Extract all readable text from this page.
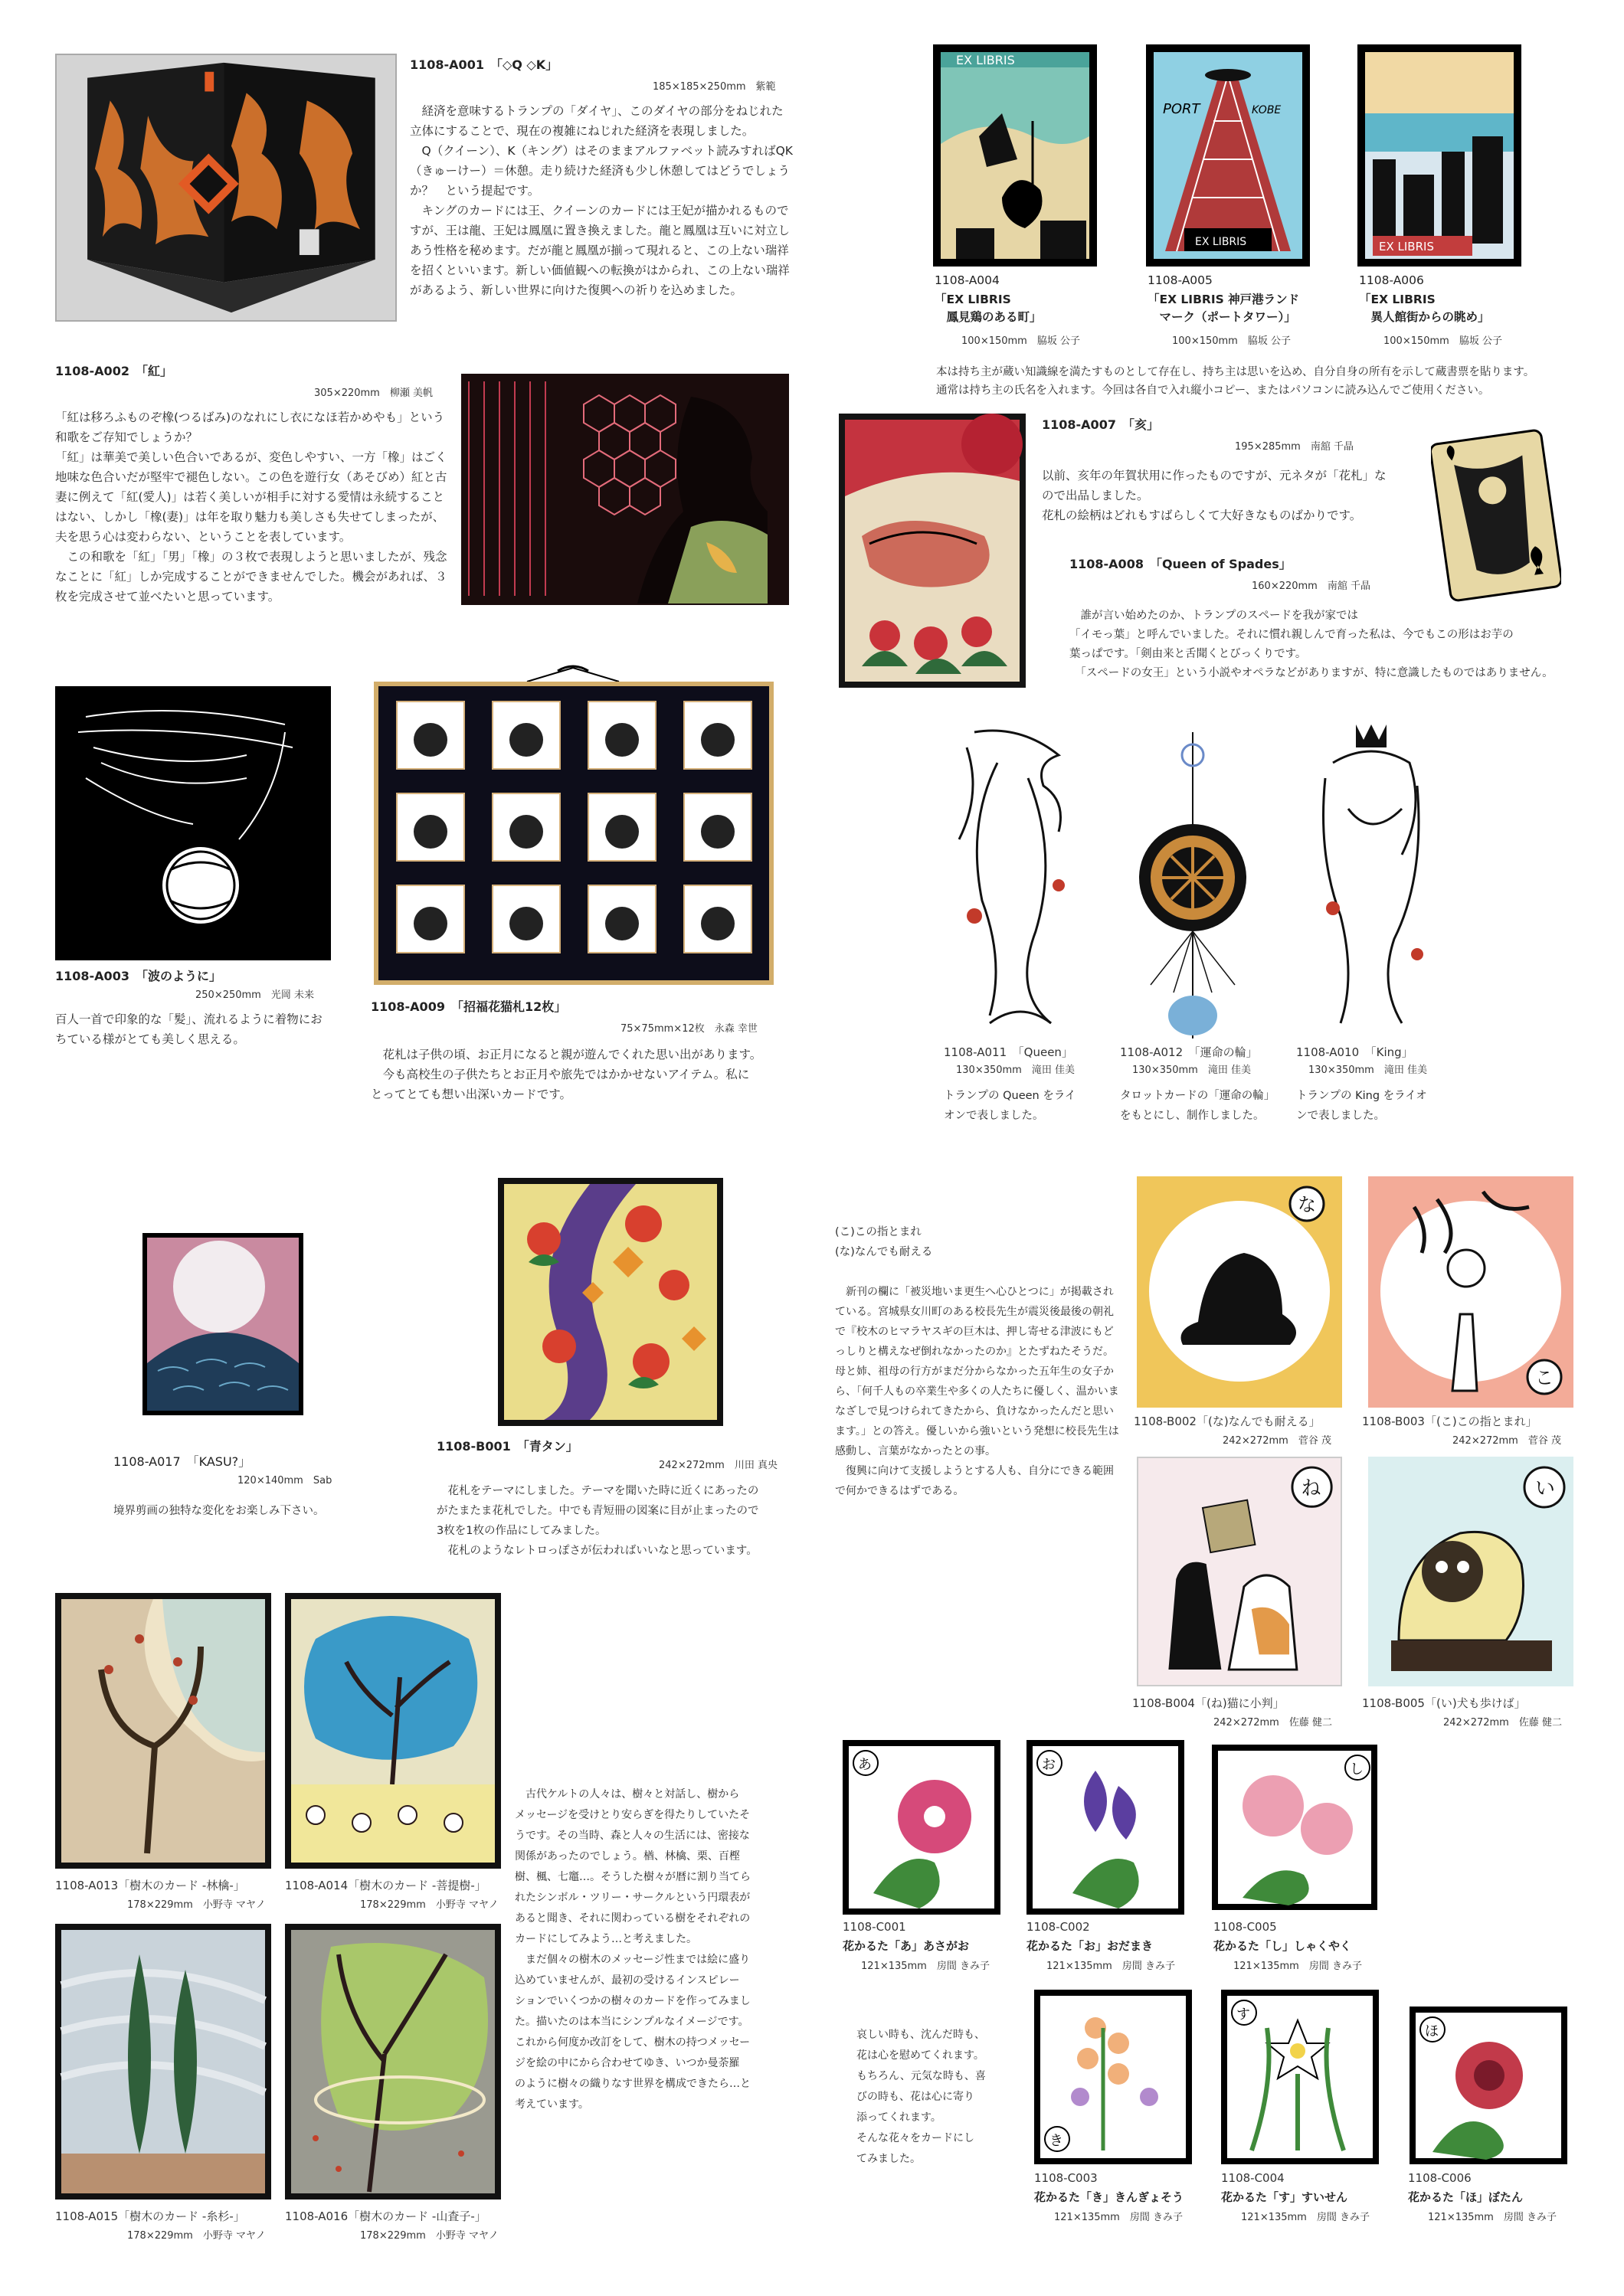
1108-A001　「◇Q ◇K」
185×185×250mm　紫範
　経済を意味するトランプの「ダイヤ」、このダイヤの部分をねじれた立体にすることで、現在の複雑にねじれた経済を表現しました。
　Q（クイーン）、K（キング）はそのままアルファベット読みすればQK（きゅーけー）＝休憩。走り続けた経済も少し休憩してはどうでしょうか？　という提起です。
　キングのカードには王、クイーンのカードには王妃が描かれるものですが、王は龍、王妃は鳳凰に置き換えました。龍と鳳凰は互いに対立しあう性格を秘めます。だが龍と鳳凰が揃って現れると、この上ない瑞祥を招くといいます。新しい価値観への転換がはかられ、この上ない瑞祥があるよう、新しい世界に向けた復興への祈りを込めました。
1108-A002　「紅」
305×220mm　柳瀬 美帆
「紅は移ろふものぞ橡(つるばみ)のなれにし衣になほ若かめやも」という和歌をご存知でしょうか？
「紅」は華美で美しい色合いであるが、変色しやすい、一方「橡」はごく地味な色合いだが堅牢で褪色しない。この色を遊行女（あそびめ）紅と古妻に例えて「紅(愛人)」は若く美しいが相手に対する愛情は永続することはない、しかし「橡(妻)」は年を取り魅力も美しさも失せてしまったが、夫を思う心は変わらない、ということを表しています。
　この和歌を「紅」「男」「橡」の３枚で表現しようと思いましたが、残念なことに「紅」しか完成することができませんでした。機会があれば、３枚を完成させて並べたいと思っています。
1108-A003　「波のように」
250×250mm　光岡 未来
百人一首で印象的な「髪」、流れるように着物にお
ちている様がとても美しく思える。
1108-A009　「招福花猫札12枚」
75×75mm×12枚　永森 幸世
　花札は子供の頃、お正月になると親が遊んでくれた思い出があります。
　今も高校生の子供たちとお正月や旅先ではかかせないアイテム。私に
とってとても想い出深いカードです。
EX LIBRIS
PORT	KOBE
EX LIBRIS	EX LIBRIS
1108-A004
「EX LIBRIS
　鳳見鶏のある町」
100×150mm　脇坂 公子
1108-A005
「EX LIBRIS 神戸港ランド
　マーク（ポートタワー）」
100×150mm　脇坂 公子
1108-A006
「EX LIBRIS
　異人館街からの眺め」
100×150mm　脇坂 公子
本は持ち主が蔵い知識線を満たすものとして存在し、持ち主は思いを込め、自分自身の所有を示して蔵書票を貼ります。
通常は持ち主の氏名を入れます。今回は各自で入れ縦小コピー、またはパソコンに読み込んでご使用ください。
1108-A007　「亥」
195×285mm　南舘 千晶
以前、亥年の年賀状用に作ったものですが、元ネタが「花札」な
ので出品しました。
花札の絵柄はどれもすばらしくて大好きなものばかりです。
1108-A008　「Queen of Spades」
160×220mm　南舘 千晶
　誰が言い始めたのか、トランプのスペードを我が家では
「イモっ葉」と呼んでいました。それに慣れ親しんで育った私は、今でもこの形はお芋の
葉っぱです。「剣由来と舌聞くとびっくりです。
　「スペードの女王」という小説やオペラなどがありますが、特に意識したものではありません。
1108-A011　「Queen」
130×350mm　滝田 佳美
トランプの Queen をライ
オンで表しました。
1108-A012　「運命の輪」
130×350mm　滝田 佳美
タロットカードの「運命の輪」
をもとにし、制作しました。
1108-A010　「King」
130×350mm　滝田 佳美
トランプの King をライオ
ンで表しました。
1108-A017　「KASU?」
120×140mm　Sab
境界剪画の独特な変化をお楽しみ下さい。
1108-B001　「青タン」
242×272mm　川田 真央
　花札をテーマにしました。テーマを聞いた時に近くにあったの
がたまたま花札でした。中でも青短冊の図案に目が止まったので
3枚を1枚の作品にしてみました。
　花札のようなレトロっぽさが伝わればいいなと思っています。
(こ)この指とまれ
(な)なんでも耐える
　新刊の欄に「被災地いま更生へ心ひとつに」が掲載されている。宮城県女川町のある校長先生が震災後最後の朝礼で『校木のヒマラヤスギの巨木は、押し寄せる津波にもどっしりと構えなぜ倒れなかったのか』とたずねたそうだ。母と姉、祖母の行方がまだ分からなかった五年生の女子から、「何千人もの卒業生や多くの人たちに優しく、温かいまなざしで見つけられてきたから、負けなかったんだと思います。」との答え。優しいから強いという発想に校長先生は感動し、言葉がなかったとの事。
　復興に向けて支援しようとする人も、自分にできる範囲で何かできるはずである。
な
こ
1108-B002「(な)なんでも耐える」
242×272mm　菅谷 茂
1108-B003「(こ)この指とまれ」
242×272mm　菅谷 茂
ね	い
1108-B004「(ね)猫に小判」
242×272mm　佐藤 健二
1108-B005「(い)犬も歩けば」
242×272mm　佐藤 健二
1108-A013「樹木のカード -林檎-」
178×229mm　小野寺 マヤノ
1108-A014「樹木のカード -菩提樹-」
178×229mm　小野寺 マヤノ
1108-A015「樹木のカード -糸杉-」
178×229mm　小野寺 マヤノ
1108-A016「樹木のカード -山査子-」
178×229mm　小野寺 マヤノ
　古代ケルトの人々は、樹々と対話し、樹から
メッセージを受けとり安らぎを得たりしていたそ
うです。その当時、森と人々の生活には、密接な
関係があったのでしょう。楢、林檎、栗、百樫
樹、楓、七竈…。そうした樹々が暦に割り当てら
れたシンボル・ツリー・サークルという円環表が
あると聞き、それに関わっている樹をそれぞれの
カードにしてみよう…と考えました。
　まだ個々の樹木のメッセージ性までは絵に盛り
込めていませんが、最初の受けるインスピレー
ションでいくつかの樹々のカードを作ってみまし
た。描いたのは本当にシンプルなイメージです。
これから何度か改訂をして、樹木の持つメッセー
ジを絵の中にから合わせてゆき、いつか曼荼羅
のように樹々の織りなす世界を構成できたら…と
考えています。
あ	お	し
1108-C001
花かるた「あ」あさがお
121×135mm　房間 きみ子
1108-C002
花かるた「お」おだまき
121×135mm　房間 きみ子
1108-C005
花かるた「し」しゃくやく
121×135mm　房間 きみ子
哀しい時も、沈んだ時も、
花は心を慰めてくれます。
もちろん、元気な時も、喜
びの時も、花は心に寄り
添ってくれます。
そんな花々をカードにし
てみました。
き
す
ほ
1108-C003
花かるた「き」きんぎょそう
121×135mm　房間 きみ子
1108-C004
花かるた「す」すいせん
121×135mm　房間 きみ子
1108-C006
花かるた「ほ」ぼたん
121×135mm　房間 きみ子
